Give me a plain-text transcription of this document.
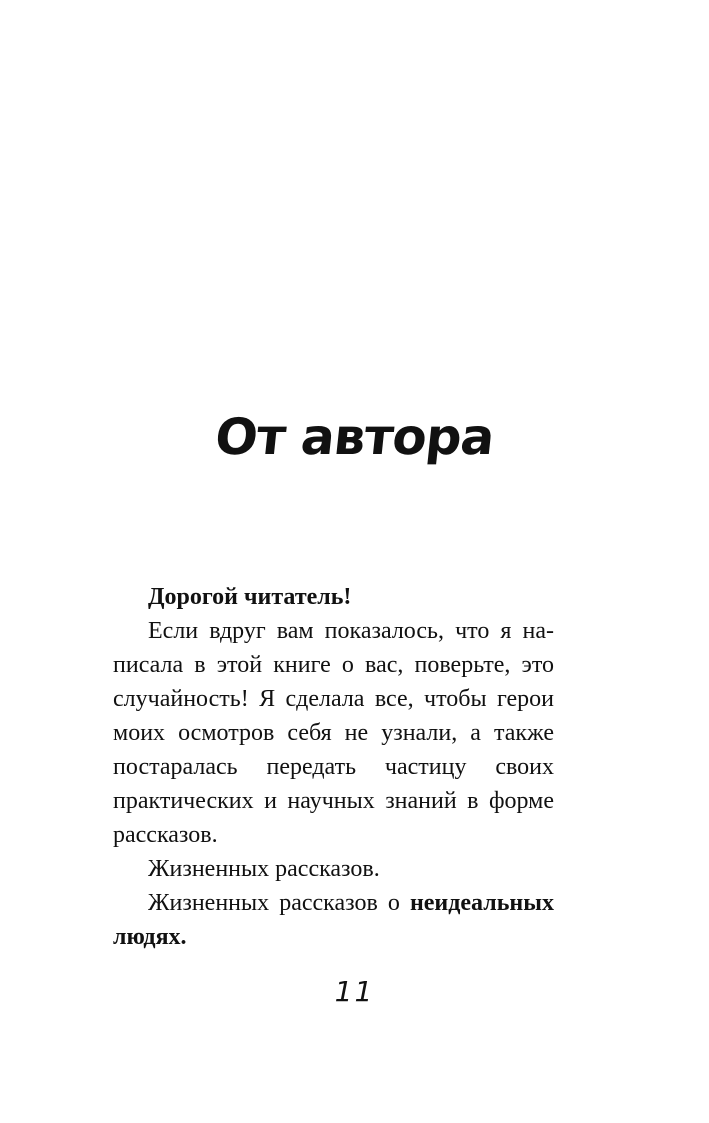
От автора

Дорогой читатель!

Если вдруг вам показалось, что я написала в этой книге о вас, поверьте, это случайность! Я сделала все, чтобы герои моих осмотров себя не узнали, а также постаралась передать частицу своих практических и научных знаний в форме рассказов.

Жизненных рассказов.

Жизненных рассказов о неидеальных людях.

11
